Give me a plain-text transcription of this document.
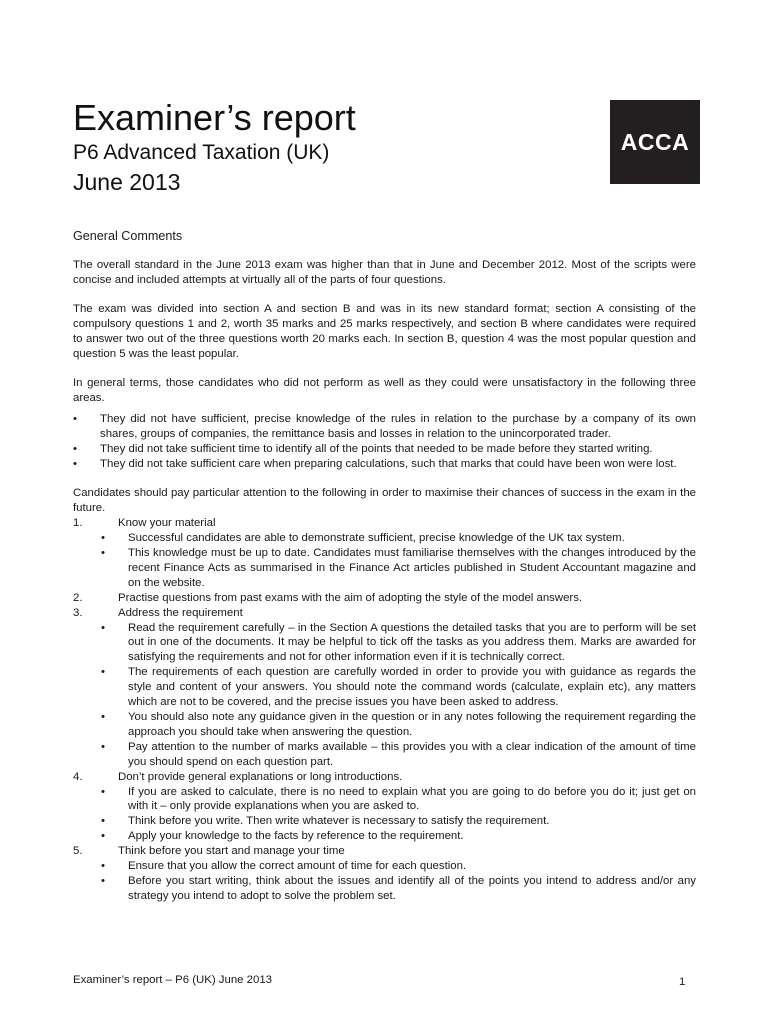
Examiner’s report
P6 Advanced Taxation (UK)
June 2013
ACCA
General Comments

The overall standard in the June 2013 exam was higher than that in June and December 2012. Most of the scripts were concise and included attempts at virtually all of the parts of four questions.

The exam was divided into section A and section B and was in its new standard format; section A consisting of the compulsory questions 1 and 2, worth 35 marks and 25 marks respectively, and section B where candidates were required to answer two out of the three questions worth 20 marks each. In section B, question 4 was the most popular question and question 5 was the least popular.

In general terms, those candidates who did not perform as well as they could were unsatisfactory in the following three areas.

• They did not have sufficient, precise knowledge of the rules in relation to the purchase by a company of its own shares, groups of companies, the remittance basis and losses in relation to the unincorporated trader.
• They did not take sufficient time to identify all of the points that needed to be made before they started writing.
• They did not take sufficient care when preparing calculations, such that marks that could have been won were lost.

Candidates should pay particular attention to the following in order to maximise their chances of success in the exam in the future.

1.	Know your material
• Successful candidates are able to demonstrate sufficient, precise knowledge of the UK tax system.
• This knowledge must be up to date. Candidates must familiarise themselves with the changes introduced by the recent Finance Acts as summarised in the Finance Act articles published in Student Accountant magazine and on the website.
2.	Practise questions from past exams with the aim of adopting the style of the model answers.
3.	Address the requirement
• Read the requirement carefully – in the Section A questions the detailed tasks that you are to perform will be set out in one of the documents. It may be helpful to tick off the tasks as you address them. Marks are awarded for satisfying the requirements and not for other information even if it is technically correct.
• The requirements of each question are carefully worded in order to provide you with guidance as regards the style and content of your answers. You should note the command words (calculate, explain etc), any matters which are not to be covered, and the precise issues you have been asked to address.
• You should also note any guidance given in the question or in any notes following the requirement regarding the approach you should take when answering the question.
• Pay attention to the number of marks available – this provides you with a clear indication of the amount of time you should spend on each question part.
4.	Don’t provide general explanations or long introductions.
• If you are asked to calculate, there is no need to explain what you are going to do before you do it; just get on with it – only provide explanations when you are asked to.
• Think before you write. Then write whatever is necessary to satisfy the requirement.
• Apply your knowledge to the facts by reference to the requirement.
5.	Think before you start and manage your time
• Ensure that you allow the correct amount of time for each question.
• Before you start writing, think about the issues and identify all of the points you intend to address and/or any strategy you intend to adopt to solve the problem set.
Examiner’s report – P6 (UK) June 2013	1
